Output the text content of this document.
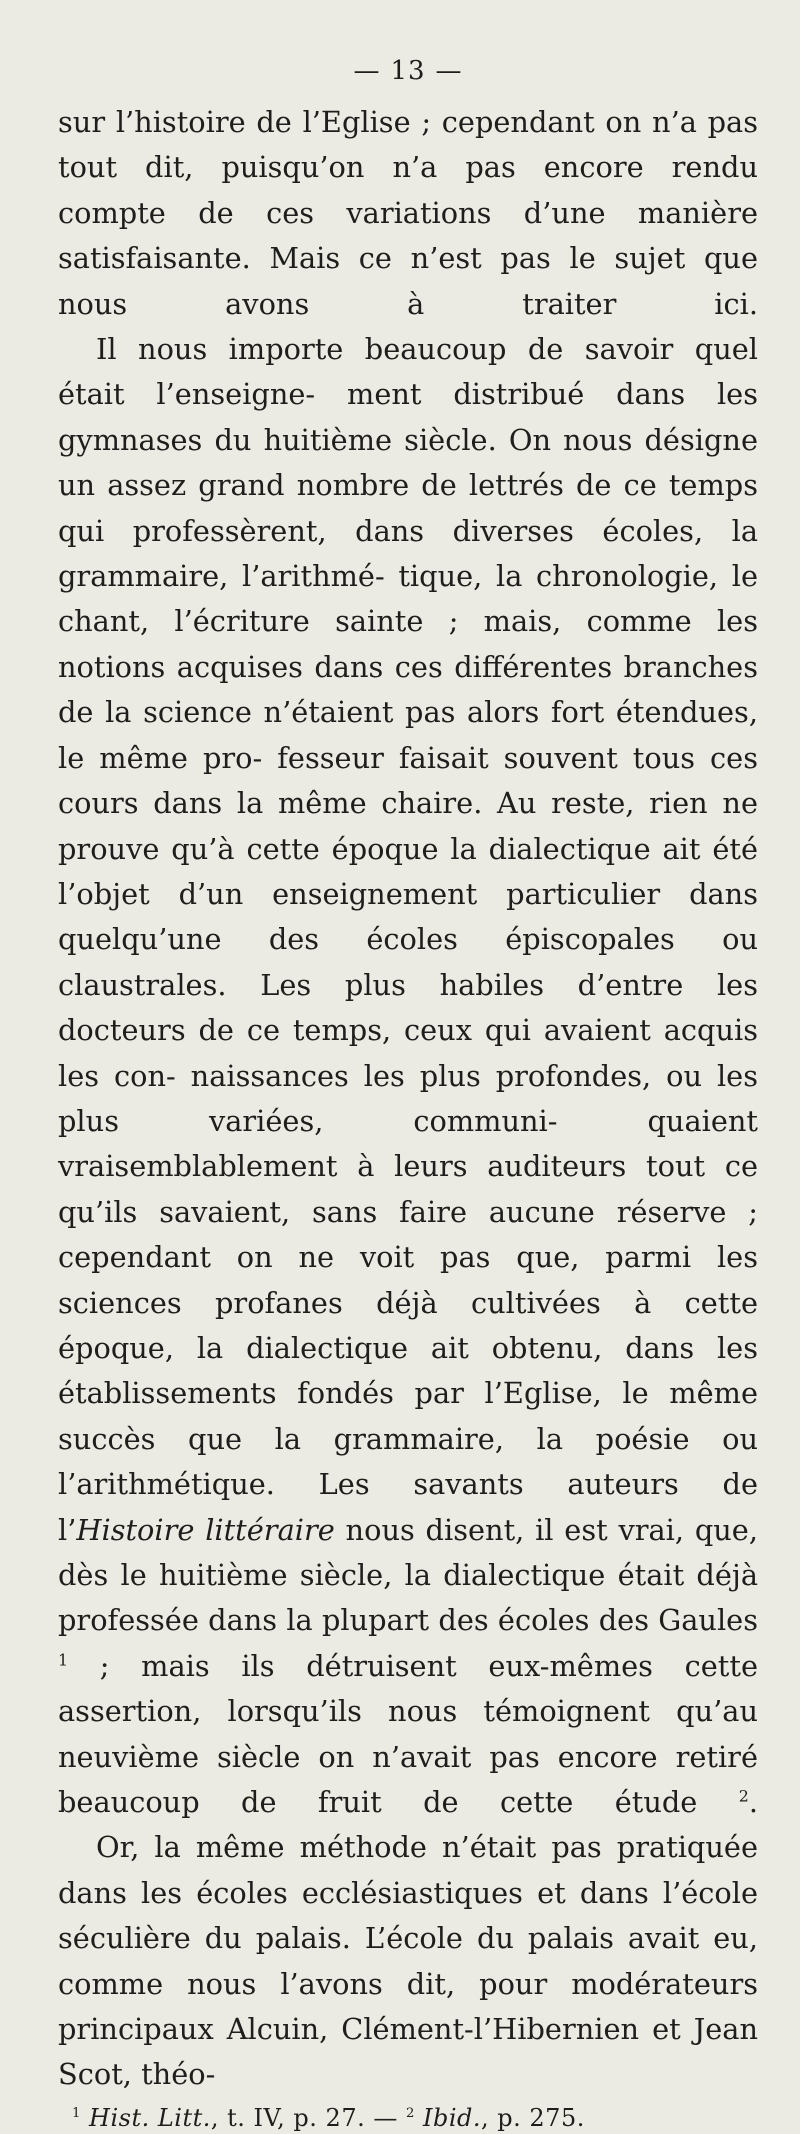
— 13 —

sur l’histoire de l’Eglise ; cependant on n’a pas tout dit, puisqu’on n’a pas encore rendu compte de ces variations d’une manière satisfaisante. Mais ce n’est pas le sujet que nous avons à traiter ici.

Il nous importe beaucoup de savoir quel était l’enseigne- ment distribué dans les gymnases du huitième siècle. On nous désigne un assez grand nombre de lettrés de ce temps qui professèrent, dans diverses écoles, la grammaire, l’arithmé- tique, la chronologie, le chant, l’écriture sainte ; mais, comme les notions acquises dans ces différentes branches de la science n’étaient pas alors fort étendues, le même pro- fesseur faisait souvent tous ces cours dans la même chaire. Au reste, rien ne prouve qu’à cette époque la dialectique ait été l’objet d’un enseignement particulier dans quelqu’une des écoles épiscopales ou claustrales. Les plus habiles d’entre les docteurs de ce temps, ceux qui avaient acquis les con- naissances les plus profondes, ou les plus variées, communi- quaient vraisemblablement à leurs auditeurs tout ce qu’ils savaient, sans faire aucune réserve ; cependant on ne voit pas que, parmi les sciences profanes déjà cultivées à cette époque, la dialectique ait obtenu, dans les établissements fondés par l’Eglise, le même succès que la grammaire, la poésie ou l’arithmétique. Les savants auteurs de l’Histoire littéraire nous disent, il est vrai, que, dès le huitième siècle, la dialectique était déjà professée dans la plupart des écoles des Gaules $^1$ ; mais ils détruisent eux-mêmes cette assertion, lorsqu’ils nous témoignent qu’au neuvième siècle on n’avait pas encore retiré beaucoup de fruit de cette étude	$^2$.

Or, la même méthode n’était pas pratiquée dans les écoles ecclésiastiques et dans l’école séculière du palais. L’école du palais avait eu, comme nous l’avons dit, pour modérateurs principaux Alcuin, Clément-l’Hibernien et Jean Scot, théo-

$^1$ Hist. Litt., t. IV, p. 27. — $^2$ Ibid., p. 275.
